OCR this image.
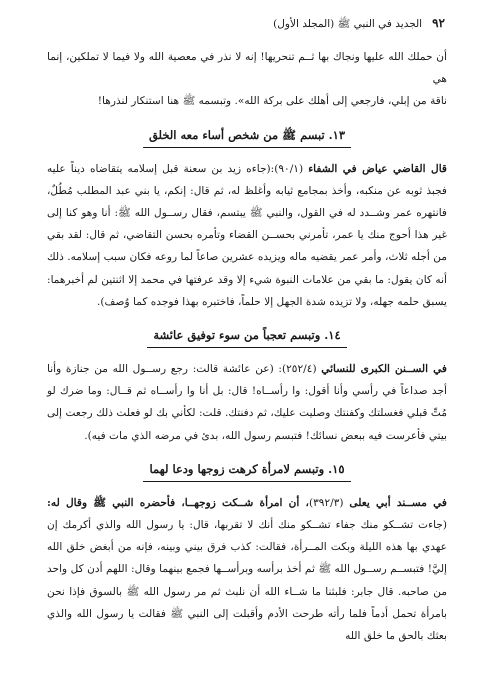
٩٢
الجديد في النبي ﷺ (المجلد الأول)

أن حملك الله عليها ونجاك بها ثــم تنحريها! إنه لا نذر في معصية الله ولا فيما لا تملكين، إنما هي

ناقة من إبلي، فارجعي إلى أهلك على بركة الله». وتبسمه ﷺ هنا استنكار لنذرها!

١٣. تبسم ﷺ من شخص أساء معه الخلق

قال القاضي عياض في الشفاء (٩٠/١):(جاءه زيد بن سعنة قبل إسلامه يتقاضاه ديناً عليه فجبذ ثوبه عن منكبه، وأخذ بمجامع ثيابه وأغلظ له، ثم قال: إنكم، يا بني عبد المطلب مُطُلٌ، فانتهره عمر وشــدد له في القول، والنبي ﷺ يبتسم، فقال رســول الله ﷺ: أنا وهو كنا إلى غير هذا أحوج منك يا عمر، تأمرني بحســن القضاء وتأمره بحسن التقاضي، ثم قال: لقد بقي من أجله ثلاث، وأمر عمر يقضيه ماله ويزيده عشرين صاعاً لما روعه فكان سبب إسلامه. ذلك أنه كان يقول: ما بقي من علامات النبوة شيء إلا وقد عرفتها في محمد إلا اثنتين لم أخبرهما: يسبق حلمه جهله، ولا تزيده شدة الجهل إلا حلماً، فاختبره بهذا فوجده كما وُصف).

١٤. وتبسم تعجباً من سوء توفيق عائشة

في الســنن الكبرى للنسائي (٢٥٢/٤): (عن عائشة قالت: رجع رســول الله من جنازة وأنا أجد صداعاً في رأسي وأنا أقول: وا رأســاه! قال: بل أنا وا رأســاه ثم قــال: وما ضرك لو مُتِّ قبلي فغسلتك وكفنتك وصليت عليك، ثم دفنتك. قلت: لكأني بك لو فعلت ذلك رجعت إلى بيتي فأعرست فيه ببعض نسائك! فتبسم رسول الله، بدئ في مرضه الذي مات فيه).

١٥. وتبسم لامرأة كرهت زوجها ودعا لهما

في مســند أبي يعلى (٣٩٢/٣)، أن امرأة شــكت زوجهــا، فأحضره النبي ﷺ وقال له: (جاءت تشــكو منك جفاء تشــكو منك أنك لا تقربها، قال: يا رسول الله والذي أكرمك إن عهدي بها هذه الليلة وبكت المــرأة، فقالت: كذب فرق بيني وبينه، فإنه من أبغض خلق الله إليَّ! فتبســم رســول الله ﷺ ثم أخذ برأسه وبرأســها فجمع بينهما وقال: اللهم أدن كل واحد من صاحبه. قال جابر: فلبثنا ما شــاء الله أن نلبث ثم مر رسول الله ﷺ بالسوق فإذا نحن بامرأة تحمل أدماً فلما رأته طرحت الأدم وأقبلت إلى النبي ﷺ فقالت يا رسول الله والذي بعثك بالحق ما خلق الله
